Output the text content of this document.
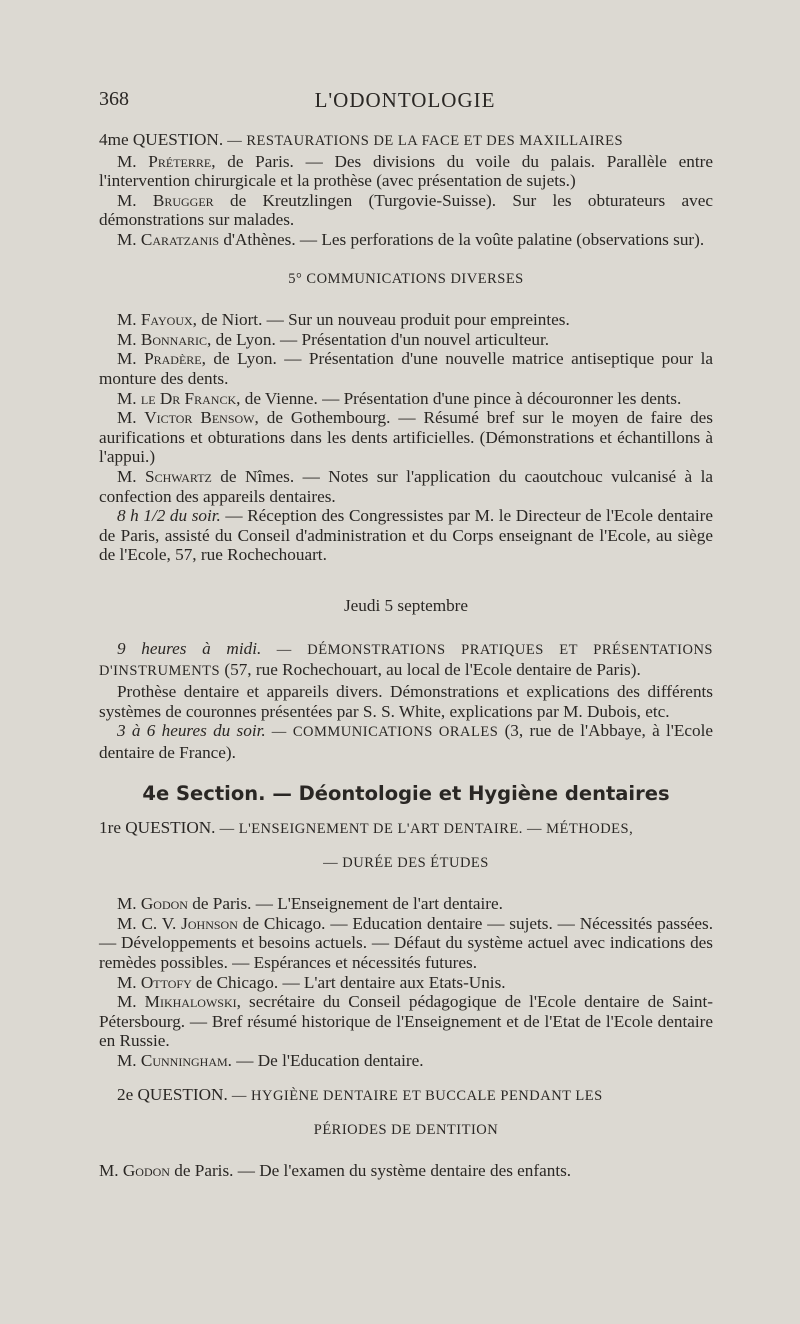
368	L'ODONTOLOGIE

4me QUESTION. — RESTAURATIONS DE LA FACE ET DES MAXILLAIRES

M. Préterre, de Paris. — Des divisions du voile du palais. Parallèle entre l'intervention chirurgicale et la prothèse (avec présentation de sujets.)

M. Brugger de Kreutzlingen (Turgovie-Suisse). Sur les obturateurs avec démonstrations sur malades.

M. Caratzanis d'Athènes. — Les perforations de la voûte palatine (observations sur).

5° COMMUNICATIONS DIVERSES

M. Fayoux, de Niort. — Sur un nouveau produit pour empreintes.

M. Bonnaric, de Lyon. — Présentation d'un nouvel articulteur.

M. Pradère, de Lyon. — Présentation d'une nouvelle matrice antiseptique pour la monture des dents.

M. le Dr Franck, de Vienne. — Présentation d'une pince à découronner les dents.

M. Victor Bensow, de Gothembourg. — Résumé bref sur le moyen de faire des aurifications et obturations dans les dents artificielles. (Démonstrations et échantillons à l'appui.)

M. Schwartz de Nîmes. — Notes sur l'application du caoutchouc vulcanisé à la confection des appareils dentaires.

8 h 1/2 du soir. — Réception des Congressistes par M. le Directeur de l'Ecole dentaire de Paris, assisté du Conseil d'administration et du Corps enseignant de l'Ecole, au siège de l'Ecole, 57, rue Rochechouart.

Jeudi 5 septembre

9 heures à midi. — DÉMONSTRATIONS PRATIQUES ET PRÉSENTATIONS D'INSTRUMENTS (57, rue Rochechouart, au local de l'Ecole dentaire de Paris).

Prothèse dentaire et appareils divers. Démonstrations et explications des différents systèmes de couronnes présentées par S. S. White, explications par M. Dubois, etc.

3 à 6 heures du soir. — COMMUNICATIONS ORALES (3, rue de l'Abbaye, à l'Ecole dentaire de France).

4e Section. — Déontologie et Hygiène dentaires

1re QUESTION. — L'ENSEIGNEMENT DE L'ART DENTAIRE. — MÉTHODES,

— DURÉE DES ÉTUDES

M. Godon de Paris. — L'Enseignement de l'art dentaire.

M. C. V. Johnson de Chicago. — Education dentaire — sujets. — Nécessités passées. — Développements et besoins actuels. — Défaut du système actuel avec indications des remèdes possibles. — Espérances et nécessités futures.

M. Ottofy de Chicago. — L'art dentaire aux Etats-Unis.

M. Mikhalowski, secrétaire du Conseil pédagogique de l'Ecole dentaire de Saint-Pétersbourg. — Bref résumé historique de l'Enseignement et de l'Etat de l'Ecole dentaire en Russie.

M. Cunningham. — De l'Education dentaire.

2e QUESTION. — HYGIÈNE DENTAIRE ET BUCCALE PENDANT LES

PÉRIODES DE DENTITION

M. Godon de Paris. — De l'examen du système dentaire des enfants.
